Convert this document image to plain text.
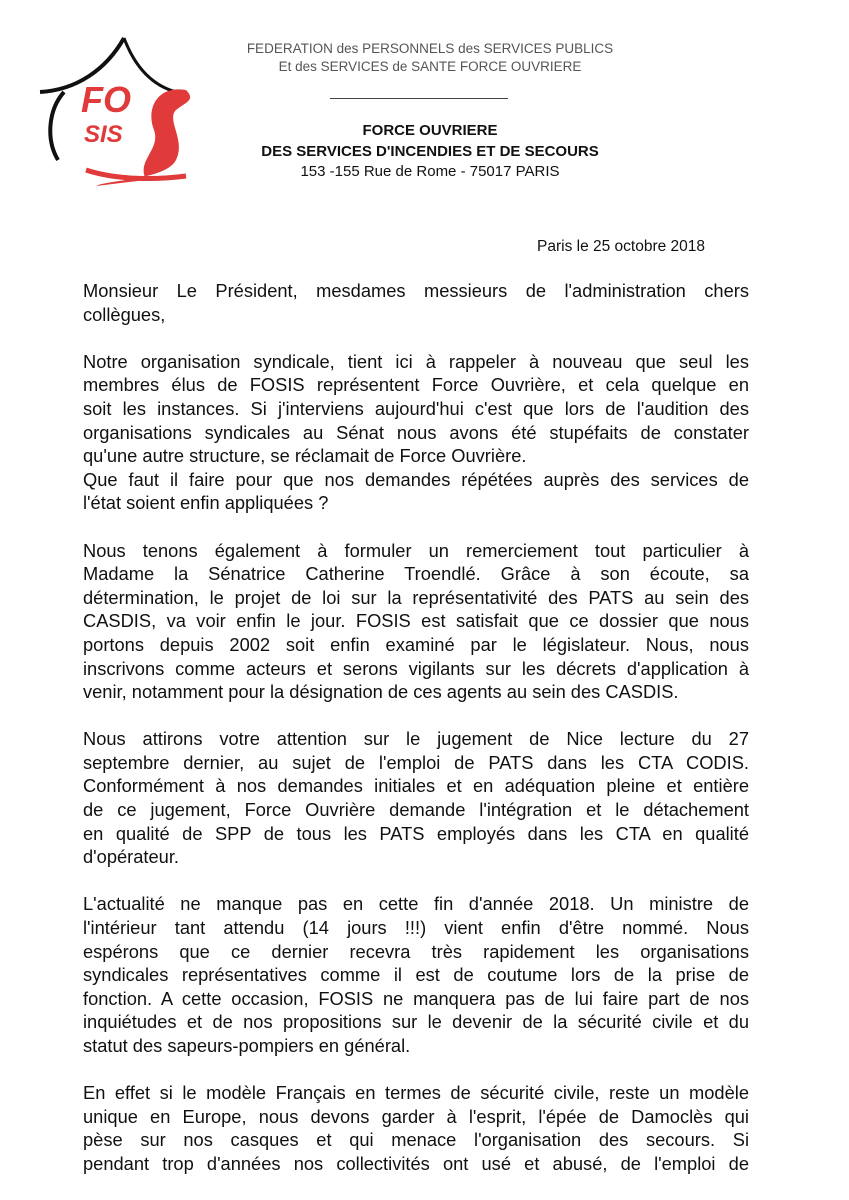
FO
SIS
FEDERATION des PERSONNELS des SERVICES PUBLICS
Et des SERVICES de SANTE FORCE OUVRIERE
FORCE OUVRIERE
DES SERVICES D'INCENDIES ET DE SECOURS
153 -155 Rue de Rome - 75017 PARIS
Paris le 25 octobre 2018
Monsieur Le Président, mesdames messieurs de l'administration chers
collègues,
Notre organisation syndicale, tient ici à rappeler à nouveau que seul les
membres élus de FOSIS représentent Force Ouvrière, et cela quelque en
soit les instances. Si j'interviens aujourd'hui c'est que lors de l'audition des
organisations syndicales au Sénat nous avons été stupéfaits de constater
qu'une autre structure, se réclamait de Force Ouvrière.
Que faut il faire pour que nos demandes répétées auprès des services de
l'état soient enfin appliquées ?
Nous tenons également à formuler un remerciement tout particulier à
Madame la Sénatrice Catherine Troendlé. Grâce à son écoute, sa
détermination, le projet de loi sur la représentativité des PATS au sein des
CASDIS, va voir enfin le jour. FOSIS est satisfait que ce dossier que nous
portons depuis 2002 soit enfin examiné par le législateur. Nous, nous
inscrivons comme acteurs et serons vigilants sur les décrets d'application à
venir, notamment pour la désignation de ces agents au sein des CASDIS.
Nous attirons votre attention sur le jugement de Nice lecture du 27
septembre dernier, au sujet de l'emploi de PATS dans les CTA CODIS.
Conformément à nos demandes initiales et en adéquation pleine et entière
de ce jugement, Force Ouvrière demande l'intégration et le détachement
en qualité de SPP de tous les PATS employés dans les CTA en qualité
d'opérateur.
L'actualité ne manque pas en cette fin d'année 2018. Un ministre de
l'intérieur tant attendu (14 jours !!!) vient enfin d'être nommé. Nous
espérons que ce dernier recevra très rapidement les organisations
syndicales représentatives comme il est de coutume lors de la prise de
fonction. A cette occasion, FOSIS ne manquera pas de lui faire part de nos
inquiétudes et de nos propositions sur le devenir de la sécurité civile et du
statut des sapeurs-pompiers en général.
En effet si le modèle Français en termes de sécurité civile, reste un modèle
unique en Europe, nous devons garder à l'esprit, l'épée de Damoclès qui
pèse sur nos casques et qui menace l'organisation des secours. Si
pendant trop d'années nos collectivités ont usé et abusé, de l'emploi de
